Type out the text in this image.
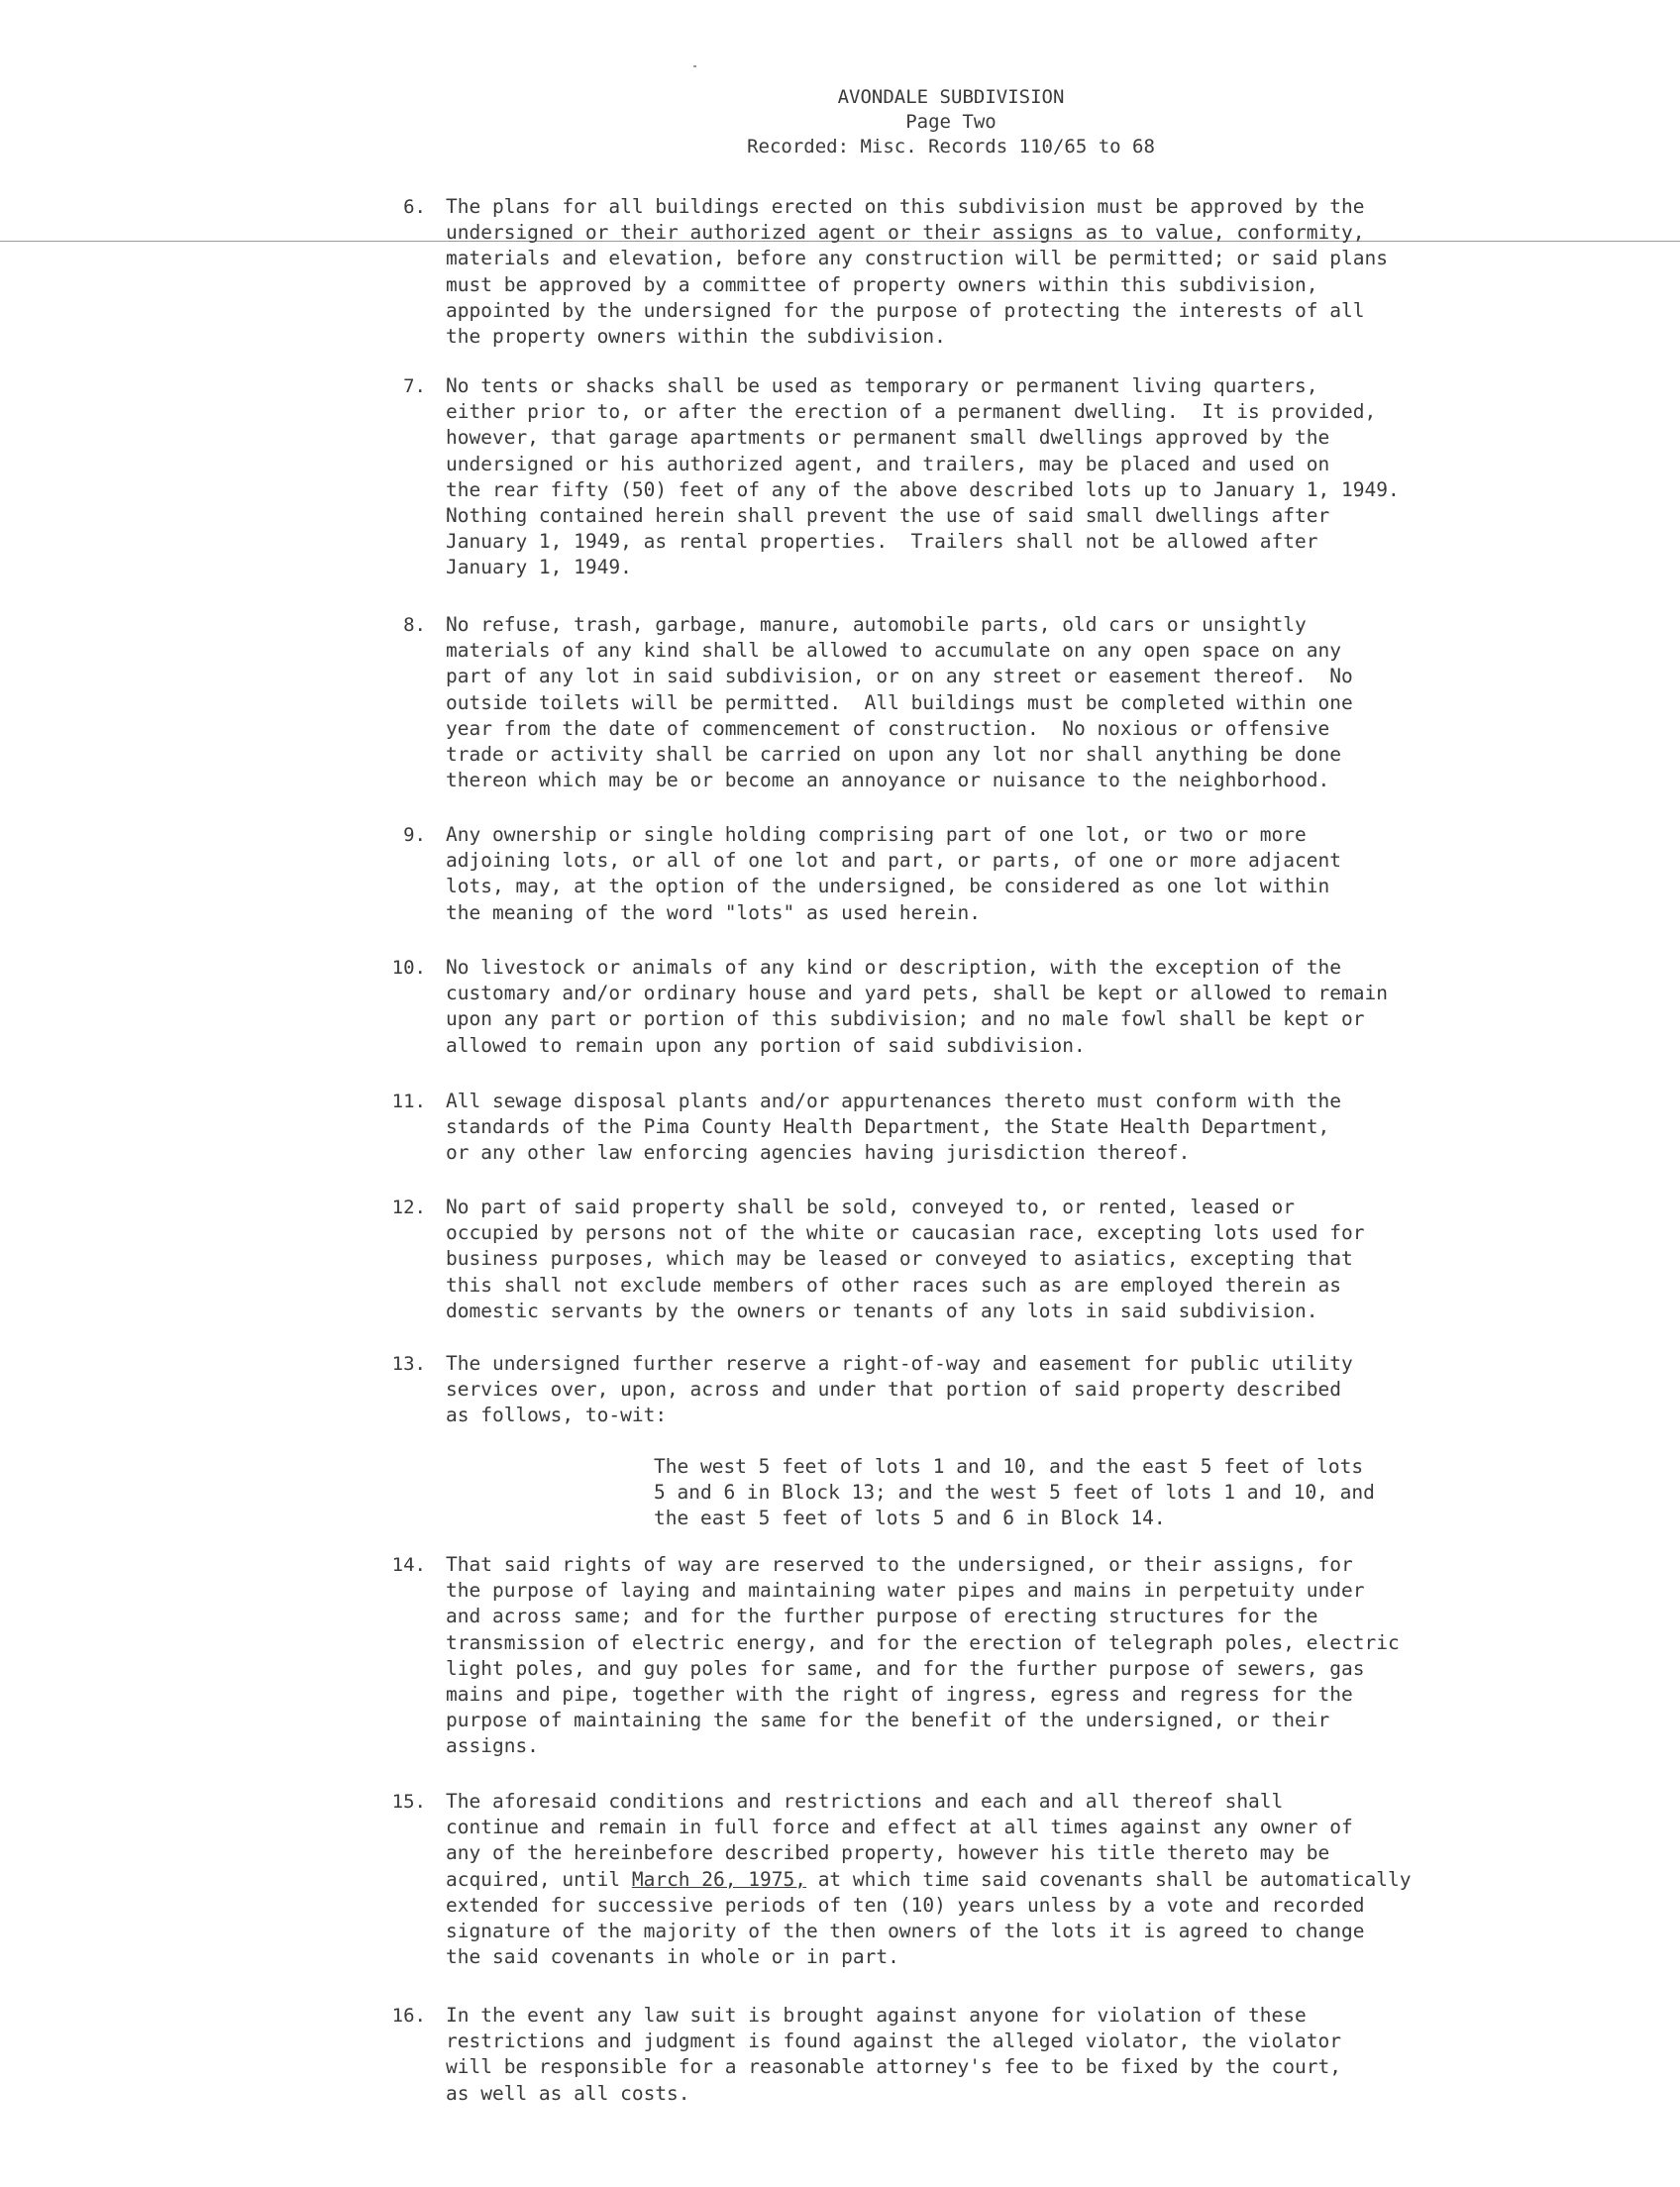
AVONDALE SUBDIVISION
Page Two
Recorded: Misc. Records 110/65 to 68
6. The plans for all buildings erected on this subdivision must be approved by the
undersigned or their authorized agent or their assigns as to value, conformity,
materials and elevation, before any construction will be permitted; or said plans
must be approved by a committee of property owners within this subdivision,
appointed by the undersigned for the purpose of protecting the interests of all
the property owners within the subdivision.
7. No tents or shacks shall be used as temporary or permanent living quarters,
either prior to, or after the erection of a permanent dwelling.  It is provided,
however, that garage apartments or permanent small dwellings approved by the
undersigned or his authorized agent, and trailers, may be placed and used on
the rear fifty (50) feet of any of the above described lots up to January 1, 1949.
Nothing contained herein shall prevent the use of said small dwellings after
January 1, 1949, as rental properties.  Trailers shall not be allowed after
January 1, 1949.
8. No refuse, trash, garbage, manure, automobile parts, old cars or unsightly
materials of any kind shall be allowed to accumulate on any open space on any
part of any lot in said subdivision, or on any street or easement thereof.  No
outside toilets will be permitted.  All buildings must be completed within one
year from the date of commencement of construction.  No noxious or offensive
trade or activity shall be carried on upon any lot nor shall anything be done
thereon which may be or become an annoyance or nuisance to the neighborhood.
9. Any ownership or single holding comprising part of one lot, or two or more
adjoining lots, or all of one lot and part, or parts, of one or more adjacent
lots, may, at the option of the undersigned, be considered as one lot within
the meaning of the word "lots" as used herein.
10. No livestock or animals of any kind or description, with the exception of the
customary and/or ordinary house and yard pets, shall be kept or allowed to remain
upon any part or portion of this subdivision; and no male fowl shall be kept or
allowed to remain upon any portion of said subdivision.
11. All sewage disposal plants and/or appurtenances thereto must conform with the
standards of the Pima County Health Department, the State Health Department,
or any other law enforcing agencies having jurisdiction thereof.
12. No part of said property shall be sold, conveyed to, or rented, leased or
occupied by persons not of the white or caucasian race, excepting lots used for
business purposes, which may be leased or conveyed to asiatics, excepting that
this shall not exclude members of other races such as are employed therein as
domestic servants by the owners or tenants of any lots in said subdivision.
13. The undersigned further reserve a right-of-way and easement for public utility
services over, upon, across and under that portion of said property described
as follows, to-wit:
The west 5 feet of lots 1 and 10, and the east 5 feet of lots
5 and 6 in Block 13; and the west 5 feet of lots 1 and 10, and
the east 5 feet of lots 5 and 6 in Block 14.
14. That said rights of way are reserved to the undersigned, or their assigns, for
the purpose of laying and maintaining water pipes and mains in perpetuity under
and across same; and for the further purpose of erecting structures for the
transmission of electric energy, and for the erection of telegraph poles, electric
light poles, and guy poles for same, and for the further purpose of sewers, gas
mains and pipe, together with the right of ingress, egress and regress for the
purpose of maintaining the same for the benefit of the undersigned, or their
assigns.
15. The aforesaid conditions and restrictions and each and all thereof shall
continue and remain in full force and effect at all times against any owner of
any of the hereinbefore described property, however his title thereto may be
acquired, until March 26, 1975, at which time said covenants shall be automatically
extended for successive periods of ten (10) years unless by a vote and recorded
signature of the majority of the then owners of the lots it is agreed to change
the said covenants in whole or in part.
16. In the event any law suit is brought against anyone for violation of these
restrictions and judgment is found against the alleged violator, the violator
will be responsible for a reasonable attorney's fee to be fixed by the court,
as well as all costs.
